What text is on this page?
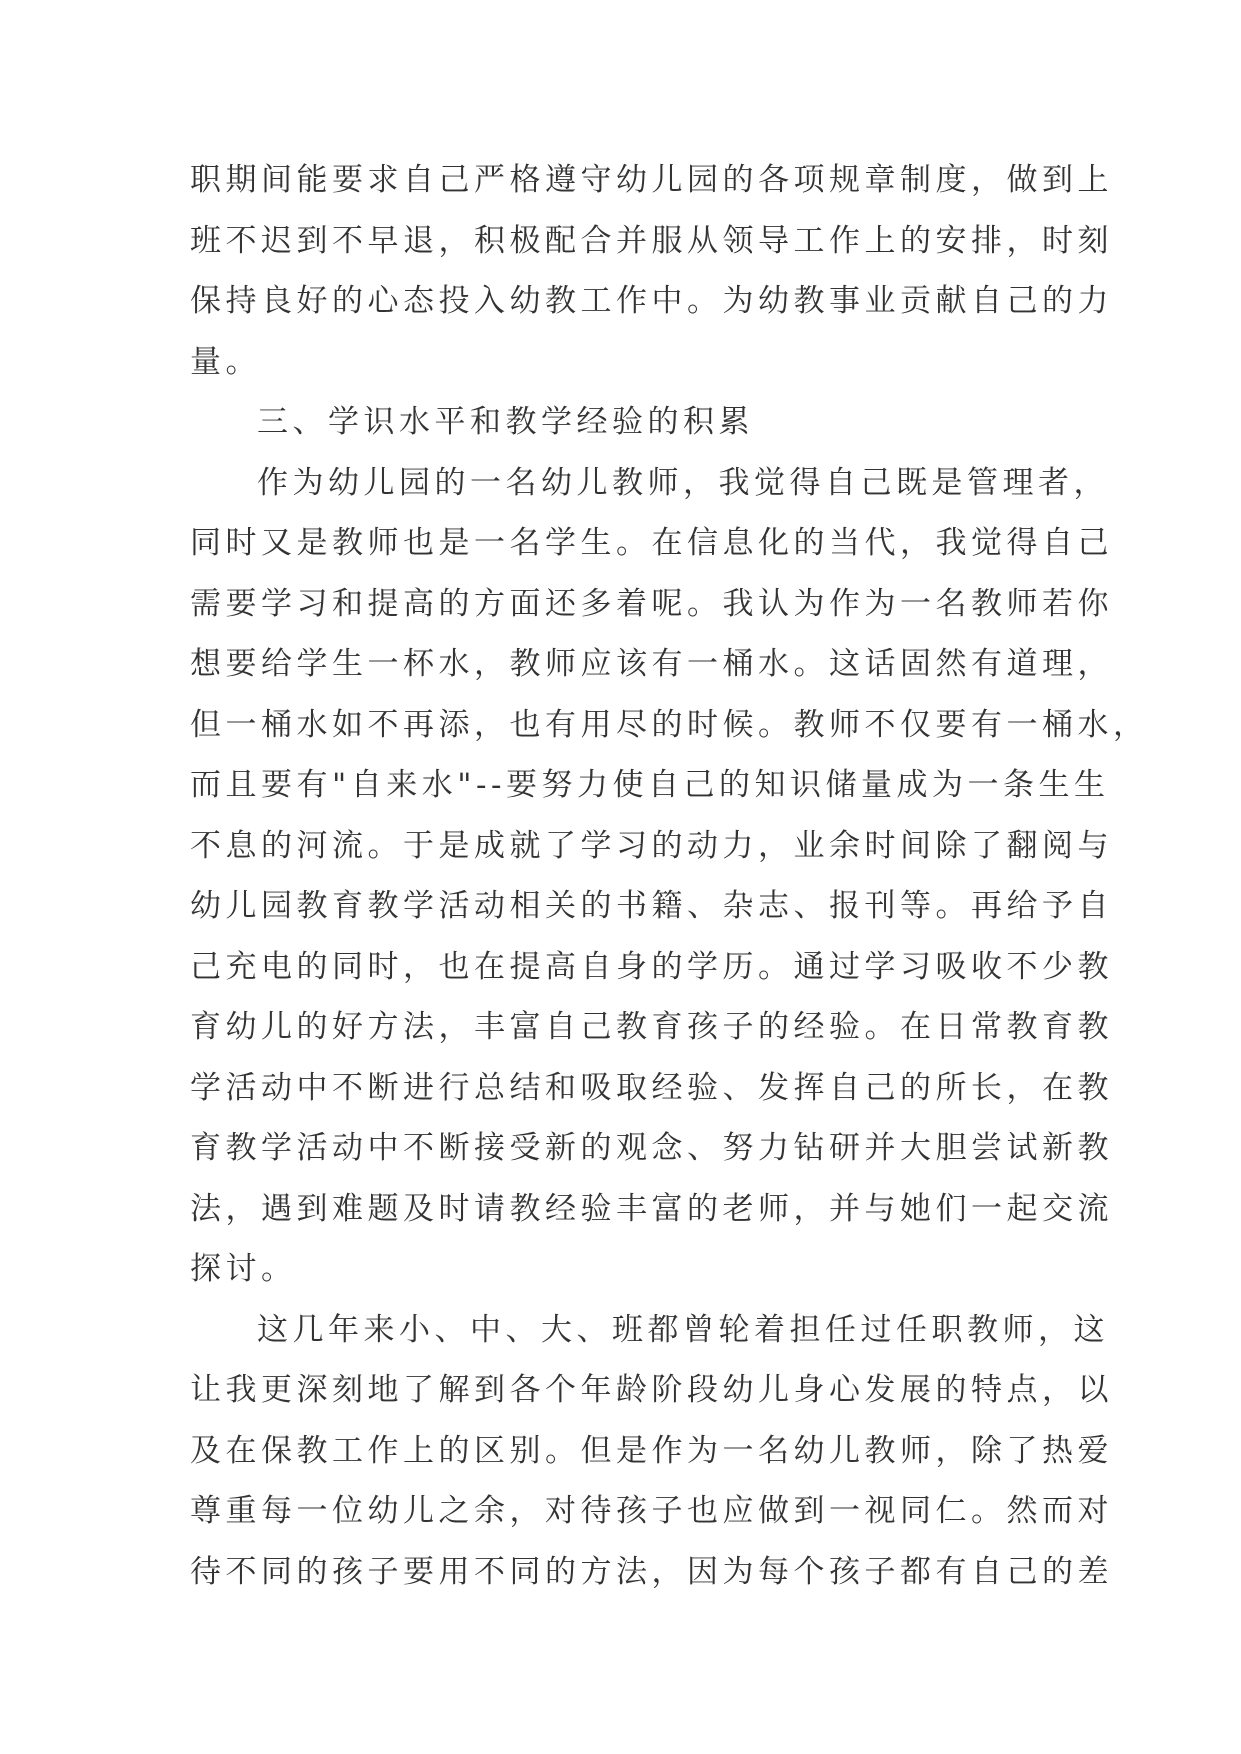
职期间能要求自己严格遵守幼儿园的各项规章制度，做到上
班不迟到不早退，积极配合并服从领导工作上的安排，时刻
保持良好的心态投入幼教工作中。为幼教事业贡献自己的力
量。
三、学识水平和教学经验的积累
作为幼儿园的一名幼儿教师，我觉得自己既是管理者，
同时又是教师也是一名学生。在信息化的当代，我觉得自己
需要学习和提高的方面还多着呢。我认为作为一名教师若你
想要给学生一杯水，教师应该有一桶水。这话固然有道理，
但一桶水如不再添，也有用尽的时候。教师不仅要有一桶水，
而且要有"自来水"--要努力使自己的知识储量成为一条生生
不息的河流。于是成就了学习的动力，业余时间除了翻阅与
幼儿园教育教学活动相关的书籍、杂志、报刊等。再给予自
己充电的同时，也在提高自身的学历。通过学习吸收不少教
育幼儿的好方法，丰富自己教育孩子的经验。在日常教育教
学活动中不断进行总结和吸取经验、发挥自己的所长，在教
育教学活动中不断接受新的观念、努力钻研并大胆尝试新教
法，遇到难题及时请教经验丰富的老师，并与她们一起交流
探讨。
这几年来小、中、大、班都曾轮着担任过任职教师，这
让我更深刻地了解到各个年龄阶段幼儿身心发展的特点，以
及在保教工作上的区别。但是作为一名幼儿教师，除了热爱
尊重每一位幼儿之余，对待孩子也应做到一视同仁。然而对
待不同的孩子要用不同的方法，因为每个孩子都有自己的差
